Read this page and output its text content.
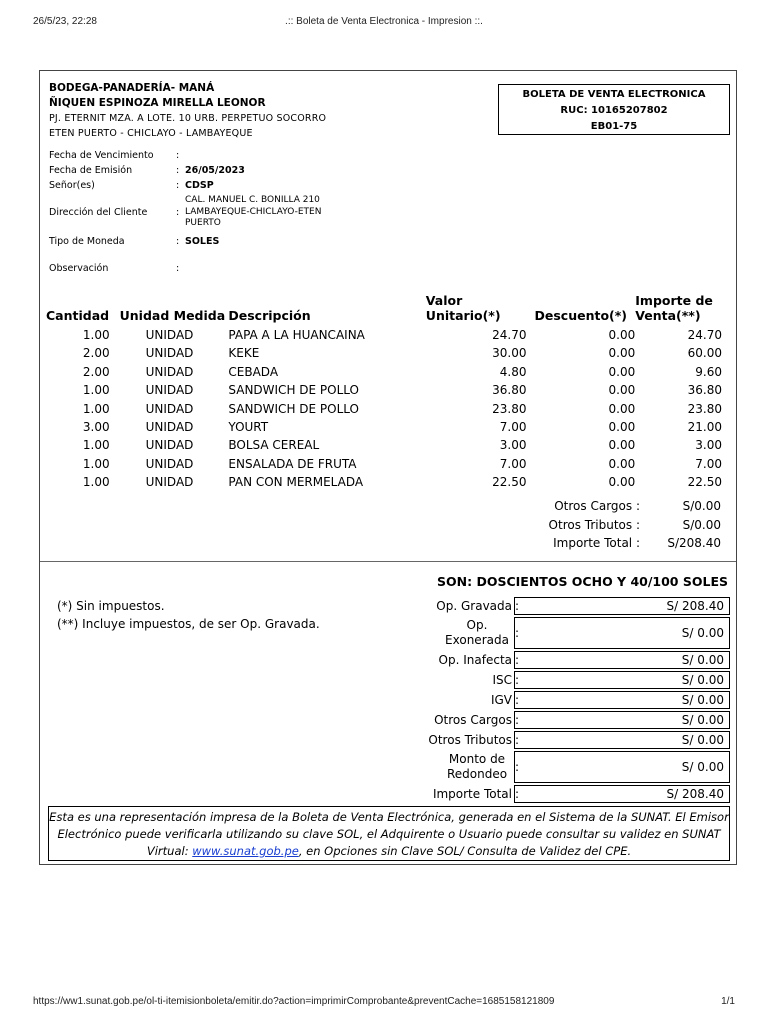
26/5/23, 22:28	.:: Boleta de Venta Electronica - Impresion ::.
BODEGA-PANADERÍA- MANÁ
ÑIQUEN ESPINOZA MIRELLA LEONOR
PJ. ETERNIT MZA. A LOTE. 10 URB. PERPETUO SOCORRO
ETEN PUERTO - CHICLAYO - LAMBAYEQUE
BOLETA DE VENTA ELECTRONICA
RUC: 10165207802
EB01-75
Fecha de Vencimiento :
Fecha de Emisión	: 26/05/2023
Señor(es)	: CDSP
Dirección del Cliente	:
CAL. MANUEL C. BONILLA 210
LAMBAYEQUE-CHICLAYO-ETEN
PUERTO
Tipo de Moneda	: SOLES
Observación	:
Cantidad	Unidad Medida	Descripción	Valor Unitario(*)	Descuento(*)	Importe de Venta(**)
1.00	UNIDAD	PAPA A LA HUANCAINA	24.70	0.00	24.70
2.00	UNIDAD	KEKE	30.00	0.00	60.00
2.00	UNIDAD	CEBADA	4.80	0.00	9.60
1.00	UNIDAD	SANDWICH DE POLLO	36.80	0.00	36.80
1.00	UNIDAD	SANDWICH DE POLLO	23.80	0.00	23.80
3.00	UNIDAD	YOURT	7.00	0.00	21.00
1.00	UNIDAD	BOLSA CEREAL	3.00	0.00	3.00
1.00	UNIDAD	ENSALADA DE FRUTA	7.00	0.00	7.00
1.00	UNIDAD	PAN CON MERMELADA	22.50	0.00	22.50
Otros Cargos :	S/0.00
Otros Tributos :	S/0.00
Importe Total : S/208.40
SON: DOSCIENTOS OCHO Y 40/100 SOLES
(*) Sin impuestos.
(**) Incluye impuestos, de ser Op. Gravada.
Op. Gravada :	S/ 208.40
Op. Exonerada :	S/ 0.00
Op. Inafecta :	S/ 0.00
ISC :	S/ 0.00
IGV :	S/ 0.00
Otros Cargos :	S/ 0.00
Otros Tributos :	S/ 0.00
Monto de Redondeo :	S/ 0.00
Importe Total :	S/ 208.40
Esta es una representación impresa de la Boleta de Venta Electrónica, generada en el Sistema de la SUNAT. El Emisor Electrónico puede verificarla utilizando su clave SOL, el Adquirente o Usuario puede consultar su validez en SUNAT Virtual: www.sunat.gob.pe, en Opciones sin Clave SOL/ Consulta de Validez del CPE.
https://ww1.sunat.gob.pe/ol-ti-itemisionboleta/emitir.do?action=imprimirComprobante&preventCache=1685158121809	1/1
